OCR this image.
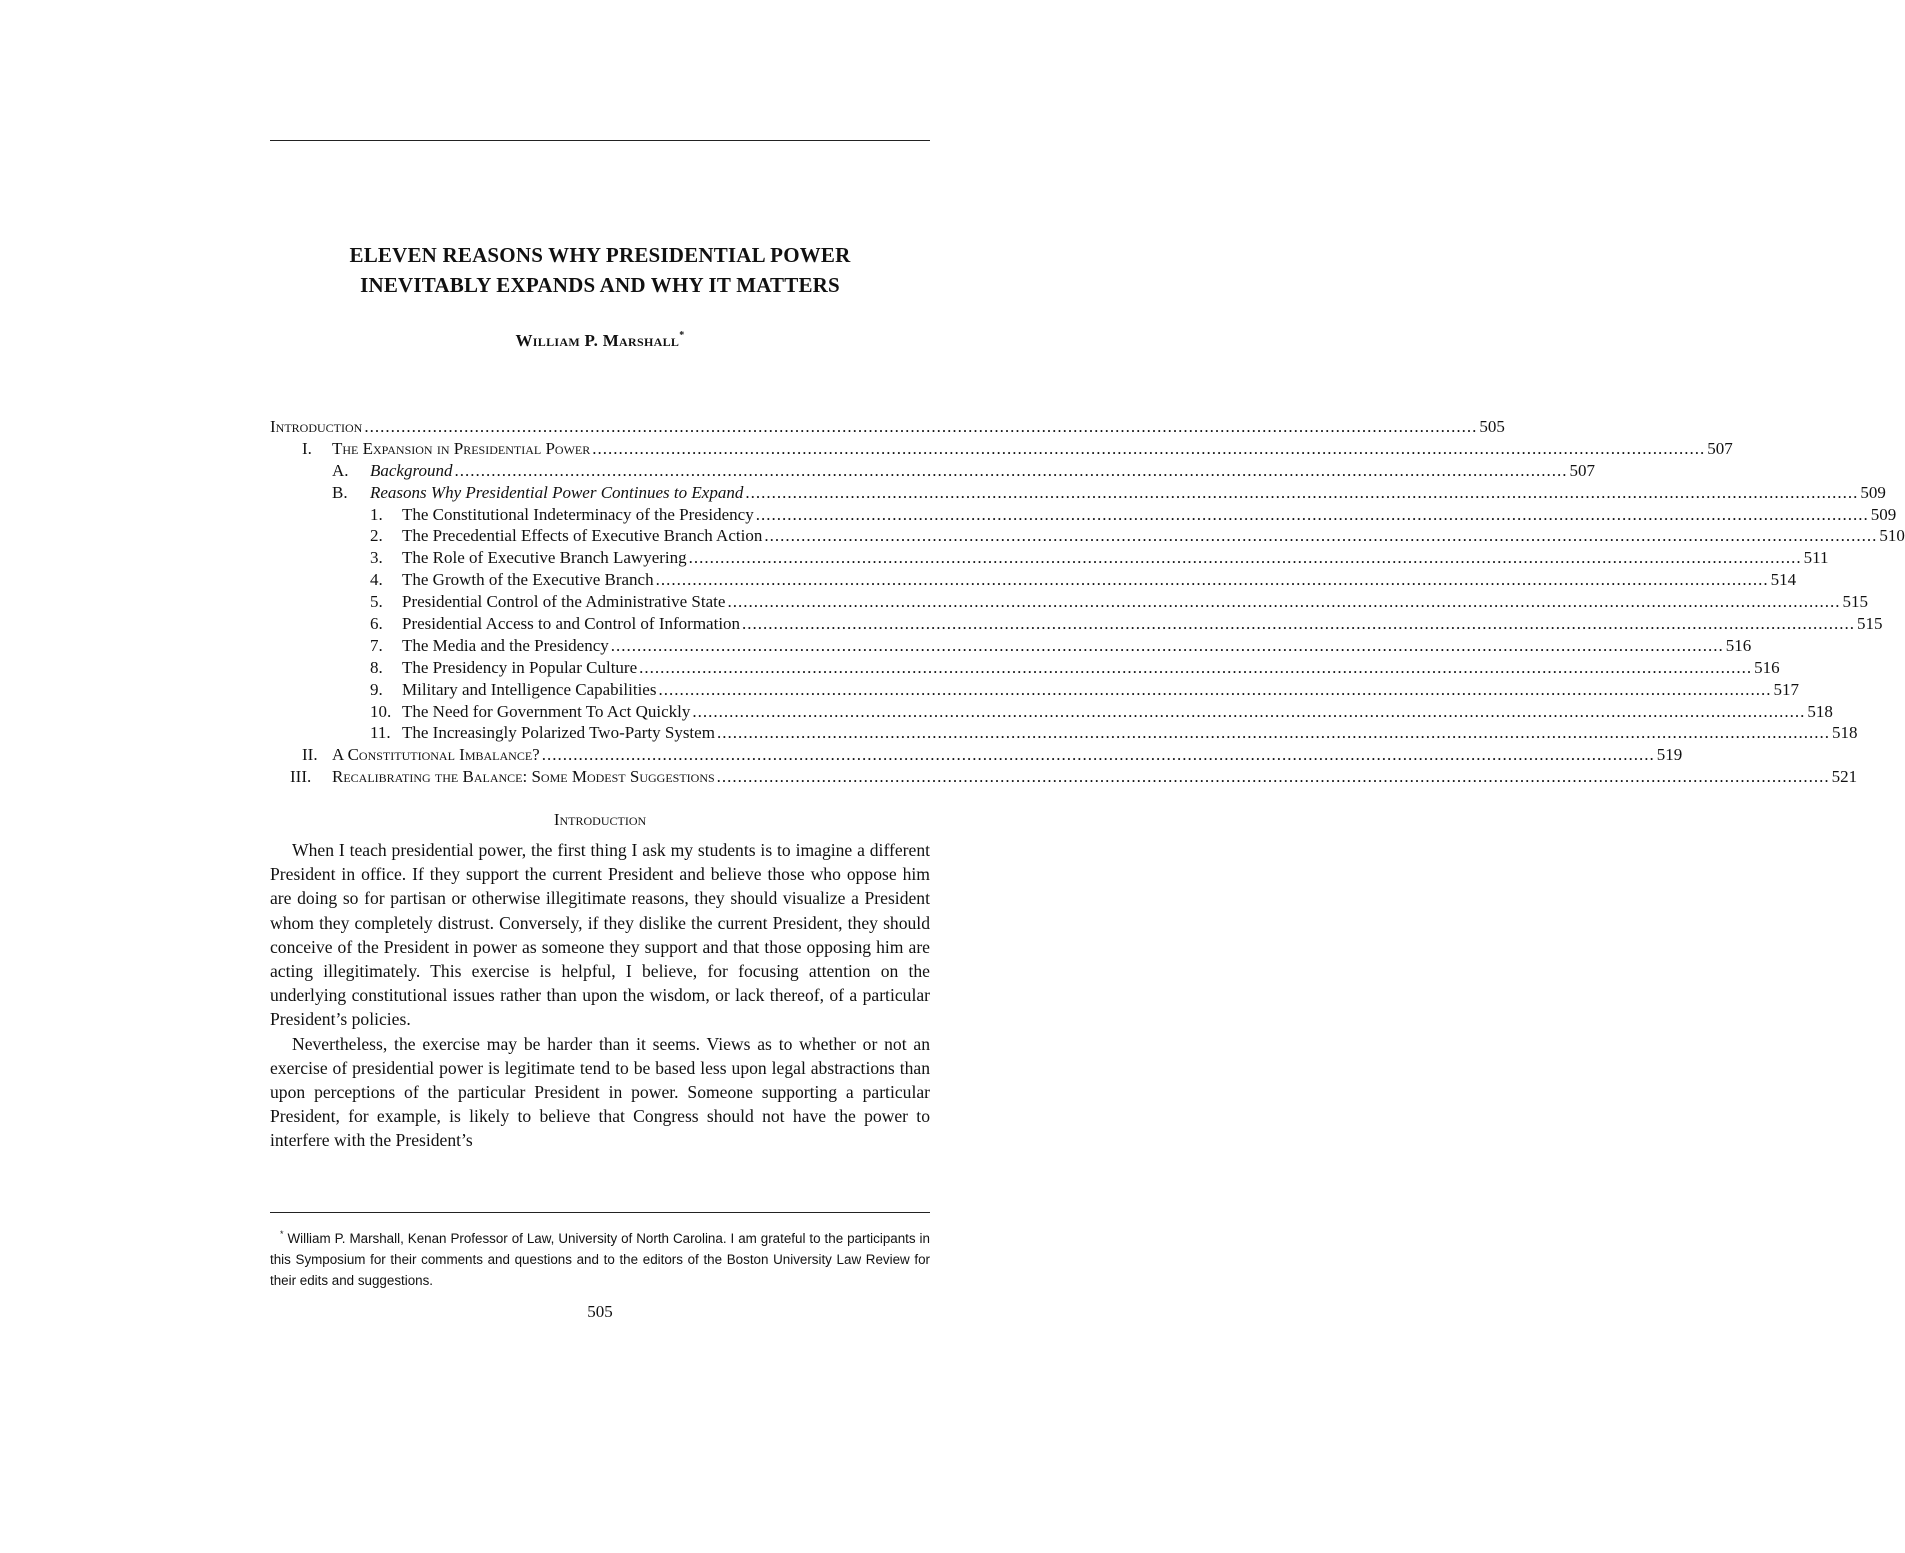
ELEVEN REASONS WHY PRESIDENTIAL POWER
INEVITABLY EXPANDS AND WHY IT MATTERS
William P. Marshall*
Introduction .....	505
I.	The Expansion in Presidential Power .....	507
A.	Background .....	507
B.	Reasons Why Presidential Power Continues to Expand .....	509
1.	The Constitutional Indeterminacy of the Presidency .....	509
2.	The Precedential Effects of Executive Branch Action .....	510
3.	The Role of Executive Branch Lawyering .....	511
4.	The Growth of the Executive Branch .....	514
5.	Presidential Control of the Administrative State .....	515
6.	Presidential Access to and Control of Information .....	515
7.	The Media and the Presidency .....	516
8.	The Presidency in Popular Culture .....	516
9.	Military and Intelligence Capabilities .....	517
10. The Need for Government To Act Quickly .....	518
11. The Increasingly Polarized Two-Party System .....	518
II. A Constitutional Imbalance? .....	519
III.	Recalibrating the Balance: Some Modest Suggestions .....	521
Introduction

When I teach presidential power, the first thing I ask my students is to imagine a different President in office. If they support the current President and believe those who oppose him are doing so for partisan or otherwise illegitimate reasons, they should visualize a President whom they completely distrust. Conversely, if they dislike the current President, they should conceive of the President in power as someone they support and that those opposing him are acting illegitimately. This exercise is helpful, I believe, for focusing attention on the underlying constitutional issues rather than upon the wisdom, or lack thereof, of a particular President’s policies.

Nevertheless, the exercise may be harder than it seems. Views as to whether or not an exercise of presidential power is legitimate tend to be based less upon legal abstractions than upon perceptions of the particular President in power. Someone supporting a particular President, for example, is likely to believe that Congress should not have the power to interfere with the President’s

* William P. Marshall, Kenan Professor of Law, University of North Carolina. I am grateful to the participants in this Symposium for their comments and questions and to the editors of the Boston University Law Review for their edits and suggestions.

505
